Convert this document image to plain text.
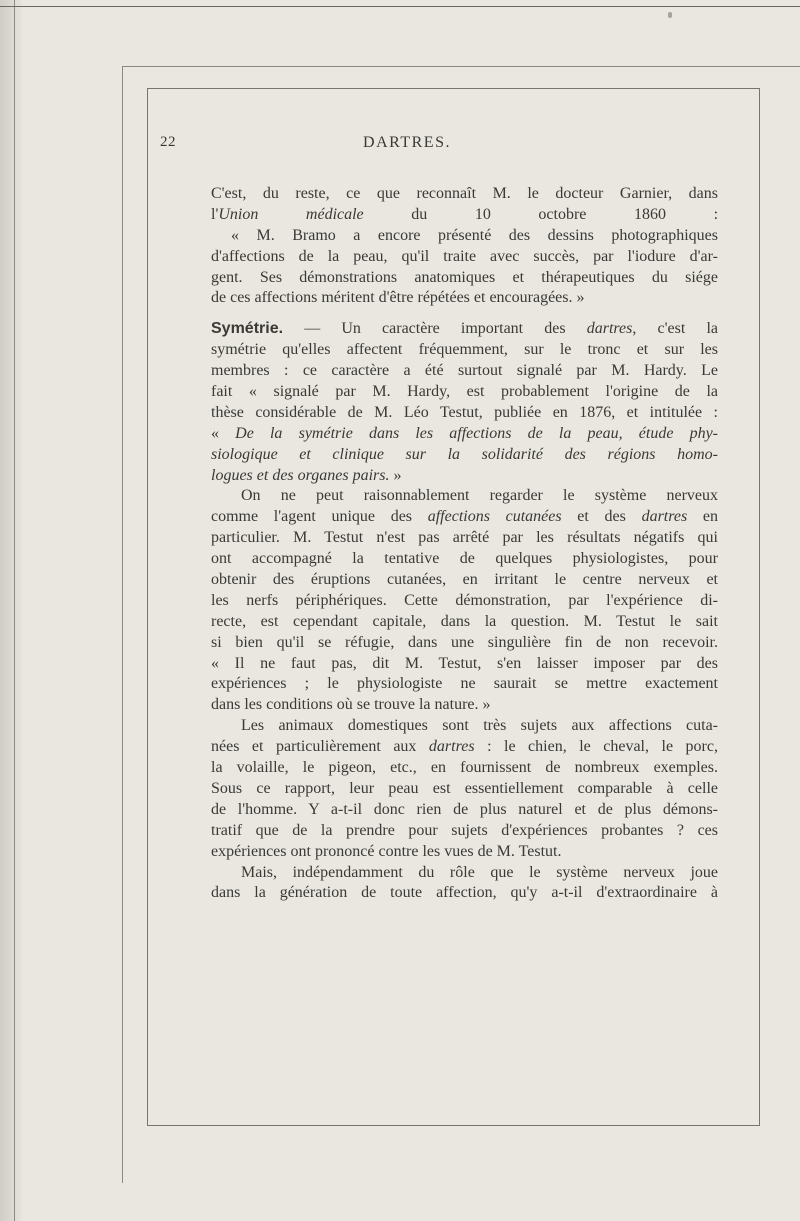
22	DARTRES.
C'est, du reste, ce que reconnaît M. le docteur Garnier, dans
l'Union médicale	du 10 octobre 1860 :
« M. Bramo a encore présenté des dessins photographiques
d'affections de la peau, qu'il traite avec succès, par l'iodure d'ar-
gent. Ses démonstrations anatomiques et thérapeutiques du siége
de ces affections méritent d'être répétées et encouragées. »
Symétrie. — Un caractère important des dartres, c'est la
symétrie qu'elles affectent fréquemment, sur le tronc et sur les
membres : ce caractère a été surtout signalé par M. Hardy. Le
fait « signalé par M. Hardy, est probablement l'origine de la
thèse considérable de M. Léo Testut, publiée en 1876, et intitulée :
« De la symétrie dans les affections de la peau, étude phy-
siologique et clinique sur la solidarité des régions homo-
logues et des organes pairs. »
On ne peut raisonnablement regarder le système nerveux
comme l'agent unique des affections cutanées et des dartres en
particulier. M. Testut n'est pas arrêté par les résultats négatifs qui
ont accompagné la tentative de quelques physiologistes, pour
obtenir des éruptions cutanées, en irritant le centre nerveux et
les nerfs périphériques. Cette démonstration, par l'expérience di-
recte, est cependant capitale, dans la question. M. Testut le sait
si bien qu'il se réfugie, dans une singulière fin de non recevoir.
« Il ne faut pas, dit M. Testut, s'en laisser imposer par des
expériences ; le physiologiste ne saurait se mettre exactement
dans les conditions où se trouve la nature. »
Les animaux domestiques sont très sujets aux affections cuta-
nées et particulièrement aux dartres : le chien, le cheval, le porc,
la volaille, le pigeon, etc., en fournissent de nombreux exemples.
Sous ce rapport, leur peau est essentiellement comparable à celle
de l'homme. Y a-t-il donc rien de plus naturel et de plus démons-
tratif que de la prendre pour sujets d'expériences probantes ? ces
expériences ont prononcé contre les vues de M. Testut.
Mais, indépendamment du rôle que le système nerveux joue
dans la génération de toute affection, qu'y a-t-il d'extraordinaire à
